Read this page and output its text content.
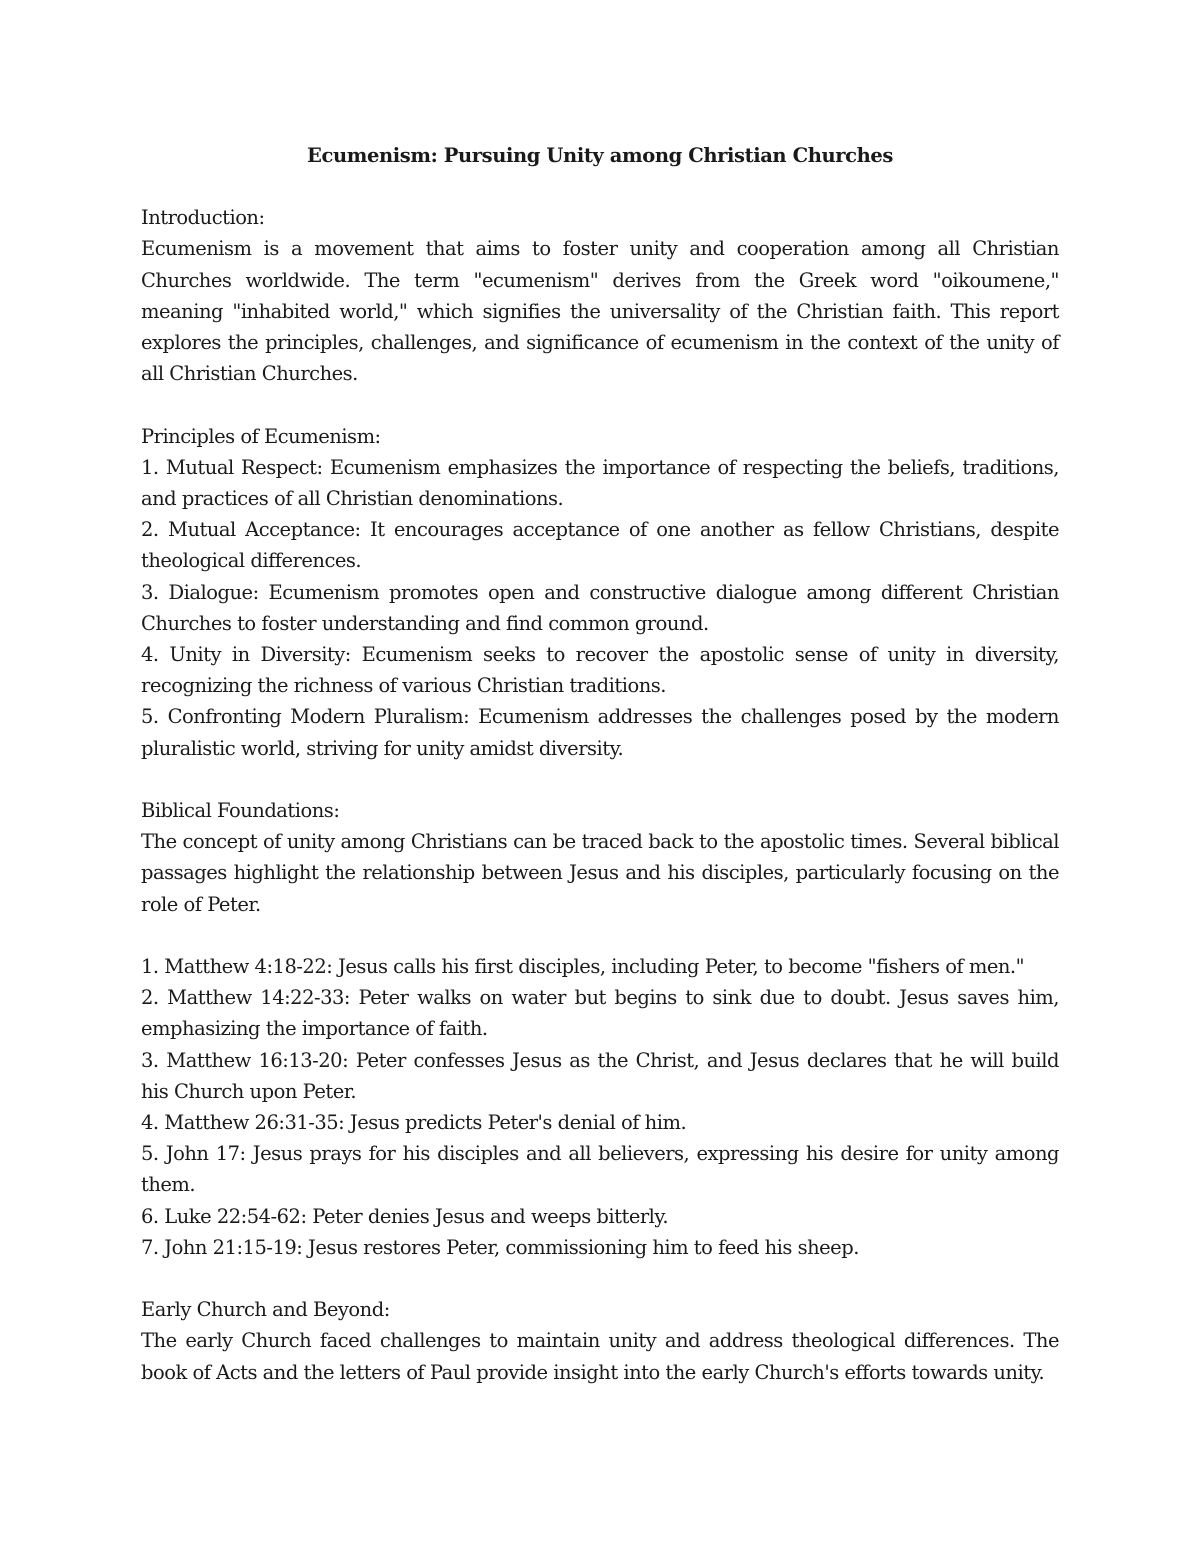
Ecumenism: Pursuing Unity among Christian Churches

Introduction:

Ecumenism is a movement that aims to foster unity and cooperation among all Christian Churches worldwide. The term "ecumenism" derives from the Greek word "oikoumene," meaning "inhabited world," which signifies the universality of the Christian faith. This report explores the principles, challenges, and significance of ecumenism in the context of the unity of all Christian Churches.

Principles of Ecumenism:

1. Mutual Respect: Ecumenism emphasizes the importance of respecting the beliefs, traditions, and practices of all Christian denominations.
2. Mutual Acceptance: It encourages acceptance of one another as fellow Christians, despite theological differences.
3. Dialogue: Ecumenism promotes open and constructive dialogue among different Christian Churches to foster understanding and find common ground.
4. Unity in Diversity: Ecumenism seeks to recover the apostolic sense of unity in diversity, recognizing the richness of various Christian traditions.
5. Confronting Modern Pluralism: Ecumenism addresses the challenges posed by the modern pluralistic world, striving for unity amidst diversity.

Biblical Foundations:

The concept of unity among Christians can be traced back to the apostolic times. Several biblical passages highlight the relationship between Jesus and his disciples, particularly focusing on the role of Peter.

1. Matthew 4:18-22: Jesus calls his first disciples, including Peter, to become "fishers of men."
2. Matthew 14:22-33: Peter walks on water but begins to sink due to doubt. Jesus saves him, emphasizing the importance of faith.
3. Matthew 16:13-20: Peter confesses Jesus as the Christ, and Jesus declares that he will build his Church upon Peter.
4. Matthew 26:31-35: Jesus predicts Peter's denial of him.
5. John 17: Jesus prays for his disciples and all believers, expressing his desire for unity among them.
6. Luke 22:54-62: Peter denies Jesus and weeps bitterly.
7. John 21:15-19: Jesus restores Peter, commissioning him to feed his sheep.

Early Church and Beyond:

The early Church faced challenges to maintain unity and address theological differences. The book of Acts and the letters of Paul provide insight into the early Church's efforts towards unity.
